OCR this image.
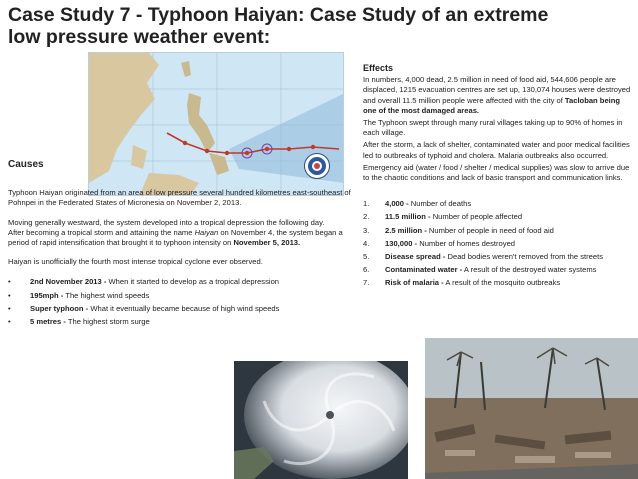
Case Study 7 - Typhoon Haiyan: Case Study of an extreme
low pressure weather event:
Causes

Typhoon Haiyan originated from an area of low pressure several hundred kilometres east-southeast of Pohnpei in the Federated States of Micronesia on November 2, 2013.

Moving generally westward, the system developed into a tropical depression the following day.

After becoming a tropical storm and attaining the name Haiyan on November 4, the system began a period of rapid intensification that brought it to typhoon intensity on November 5, 2013.

Haiyan is unofficially the fourth most intense tropical cyclone ever observed.

•	2nd November 2013 - When it started to develop as a tropical depression
•	195mph - The highest wind speeds
•	Super typhoon - What it eventually became because of high wind speeds
•	5 metres - The highest storm surge
Effects

In numbers, 4,000 dead, 2.5 million in need of food aid, 544,606 people are displaced, 1215 evacuation centres are set up, 130,074 houses were destroyed and overall 11.5 million people were affected with the city of Tacloban being one of the most damaged areas.

The Typhoon swept through many rural villages taking up to 90% of homes in each village.

After the storm, a lack of shelter, contaminated water and poor medical facilities led to outbreaks of typhoid and cholera. Malaria outbreaks also occurred.

Emergency aid (water / food / shelter / medical supplies) was slow to arrive due to the chaotic conditions and lack of basic transport and communication links.

1.	4,000 - Number of deaths
2.	11.5 million - Number of people affected
3.	2.5 million - Number of people in need of food aid
4.	130,000 - Number of homes destroyed
5.	Disease spread - Dead bodies weren't removed from the streets
6.	Contaminated water - A result of the destroyed water systems
7.	Risk of malaria - A result of the mosquito outbreaks
